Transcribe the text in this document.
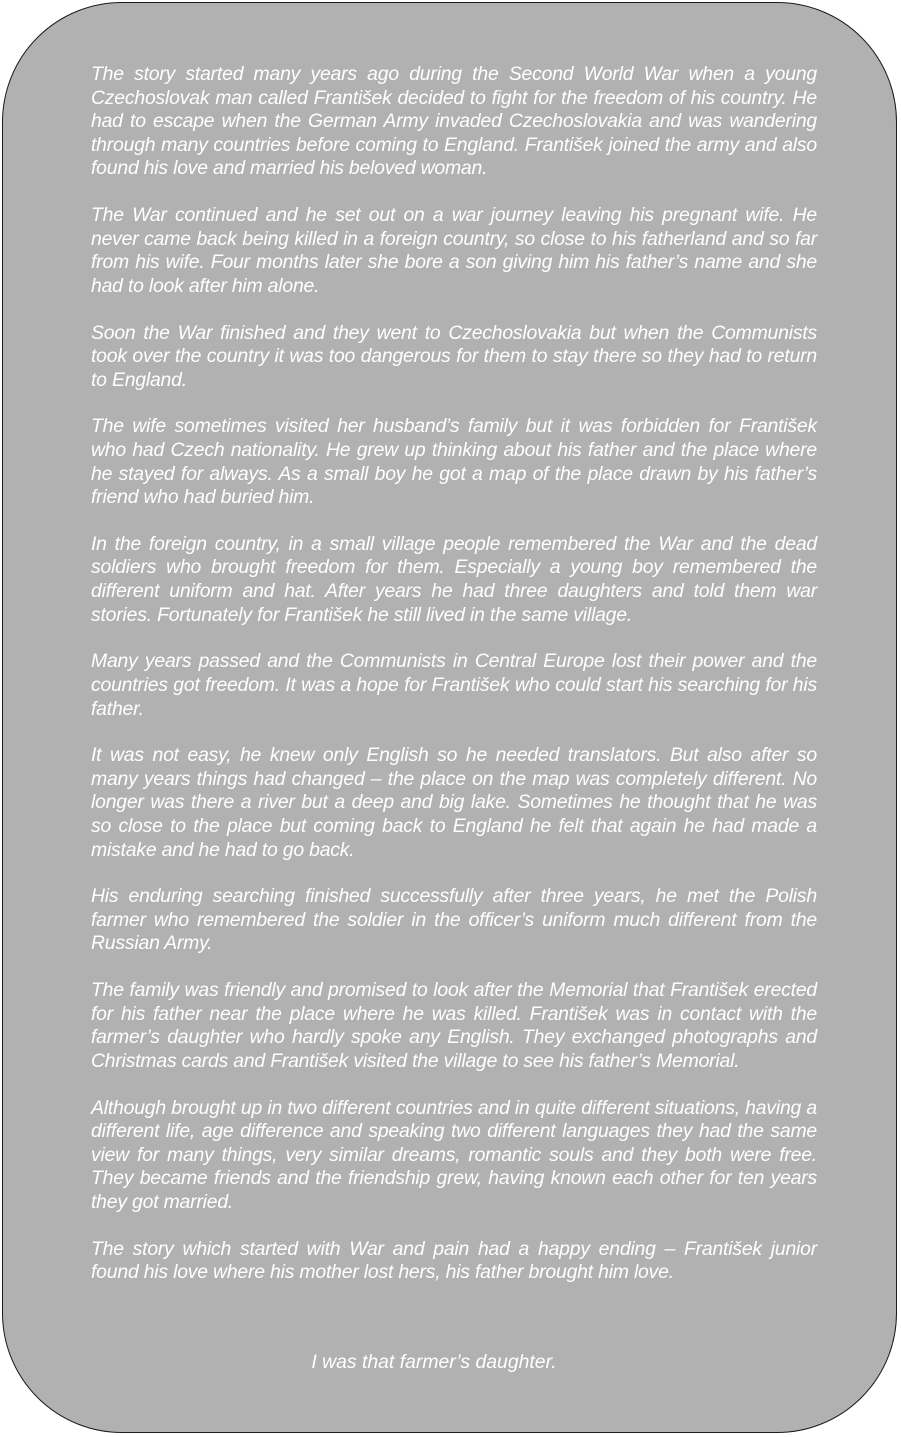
The story started many years ago during the Second World War when a young Czechoslovak man called František decided to fight for the freedom of his country. He had to escape when the German Army invaded Czechoslovakia and was wandering through many countries before coming to England. František joined the army and also found his love and married his beloved woman.

The War continued and he set out on a war journey leaving his pregnant wife. He never came back being killed in a foreign country, so close to his fatherland and so far from his wife. Four months later she bore a son giving him his father’s name and she had to look after him alone.

Soon the War finished and they went to Czechoslovakia but when the Communists took over the country it was too dangerous for them to stay there so they had to return to England.

The wife sometimes visited her husband’s family but it was forbidden for František who had Czech nationality. He grew up thinking about his father and the place where he stayed for always. As a small boy he got a map of the place drawn by his father’s friend who had buried him.

In the foreign country, in a small village people remembered the War and the dead soldiers who brought freedom for them. Especially a young boy remembered the different uniform and hat. After years he had three daughters and told them war stories. Fortunately for František he still lived in the same village.

Many years passed and the Communists in Central Europe lost their power and the countries got freedom. It was a hope for František who could start his searching for his father.

It was not easy, he knew only English so he needed translators. But also after so many years things had changed – the place on the map was completely different. No longer was there a river but a deep and big lake. Sometimes he thought that he was so close to the place but coming back to England he felt that again he had made a mistake and he had to go back.

His enduring searching finished successfully after three years, he met the Polish farmer who remembered the soldier in the officer’s uniform much different from the Russian Army.

The family was friendly and promised to look after the Memorial that František erected for his father near the place where he was killed. František was in contact with the farmer’s daughter who hardly spoke any English. They exchanged photographs and Christmas cards and František visited the village to see his father’s Memorial.

Although brought up in two different countries and in quite different situations, having a different life, age difference and speaking two different languages they had the same view for many things, very similar dreams, romantic souls and they both were free. They became friends and the friendship grew, having known each other for ten years they got married.

The story which started with War and pain had a happy ending – František junior found his love where his mother lost hers, his father brought him love.

I was that farmer’s daughter.
